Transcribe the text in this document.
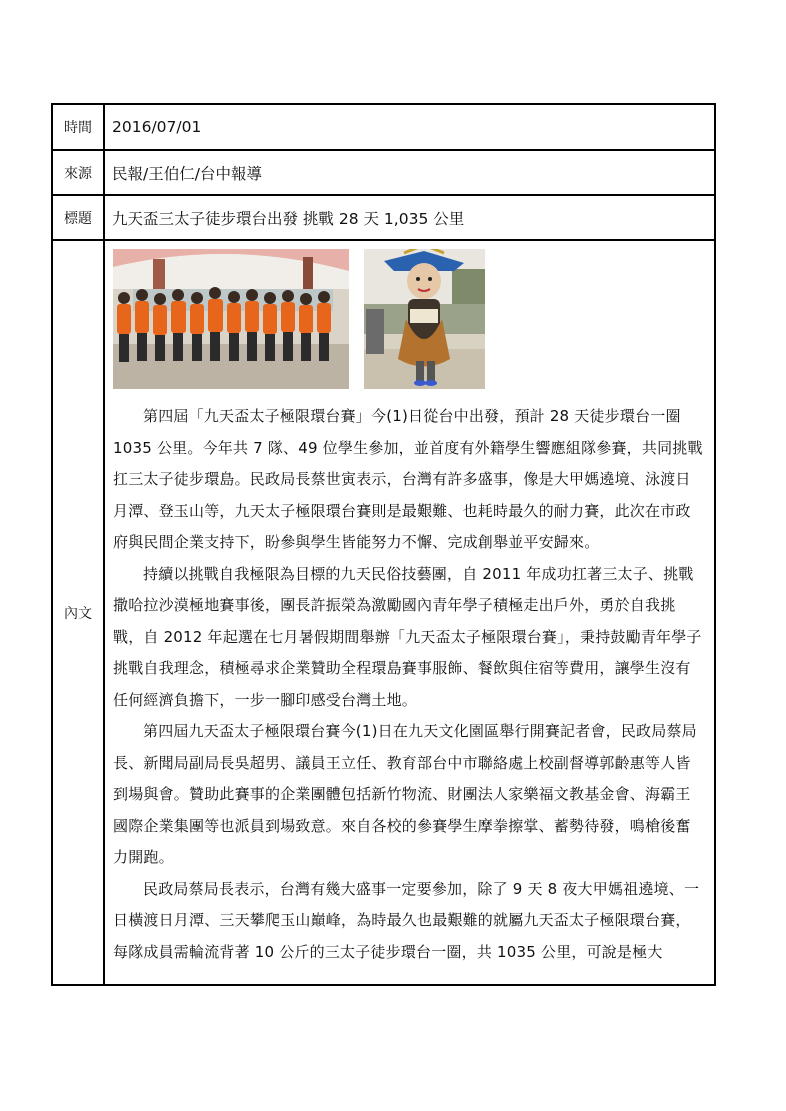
時間	2016/07/01
來源	民報/王伯仁/台中報導
標題	九天盃三太子徒步環台出發 挑戰 28 天 1,035 公里
內文

第四屆「九天盃太子極限環台賽」今(1)日從台中出發，預計 28 天徒步環台一圈 1035 公里。今年共 7 隊、49 位學生參加，並首度有外籍學生響應組隊參賽，共同挑戰扛三太子徒步環島。民政局長蔡世寅表示，台灣有許多盛事，像是大甲媽遶境、泳渡日月潭、登玉山等，九天太子極限環台賽則是最艱難、也耗時最久的耐力賽，此次在市政府與民間企業支持下，盼參與學生皆能努力不懈、完成創舉並平安歸來。

持續以挑戰自我極限為目標的九天民俗技藝團，自 2011 年成功扛著三太子、挑戰撒哈拉沙漠極地賽事後，團長許振榮為激勵國內青年學子積極走出戶外，勇於自我挑戰，自 2012 年起選在七月暑假期間舉辦「九天盃太子極限環台賽」，秉持鼓勵青年學子挑戰自我理念，積極尋求企業贊助全程環島賽事服飾、餐飲與住宿等費用，讓學生沒有任何經濟負擔下，一步一腳印感受台灣土地。

第四屆九天盃太子極限環台賽今(1)日在九天文化園區舉行開賽記者會，民政局蔡局長、新聞局副局長吳超男、議員王立任、教育部台中市聯絡處上校副督導郭齡惠等人皆到場與會。贊助此賽事的企業團體包括新竹物流、財團法人家樂福文教基金會、海霸王國際企業集團等也派員到場致意。來自各校的參賽學生摩拳擦掌、蓄勢待發，鳴槍後奮力開跑。

民政局蔡局長表示，台灣有幾大盛事一定要參加，除了 9 天 8 夜大甲媽祖遶境、一日橫渡日月潭、三天攀爬玉山巔峰，為時最久也最艱難的就屬九天盃太子極限環台賽，每隊成員需輪流背著 10 公斤的三太子徒步環台一圈，共 1035 公里，可說是極大
